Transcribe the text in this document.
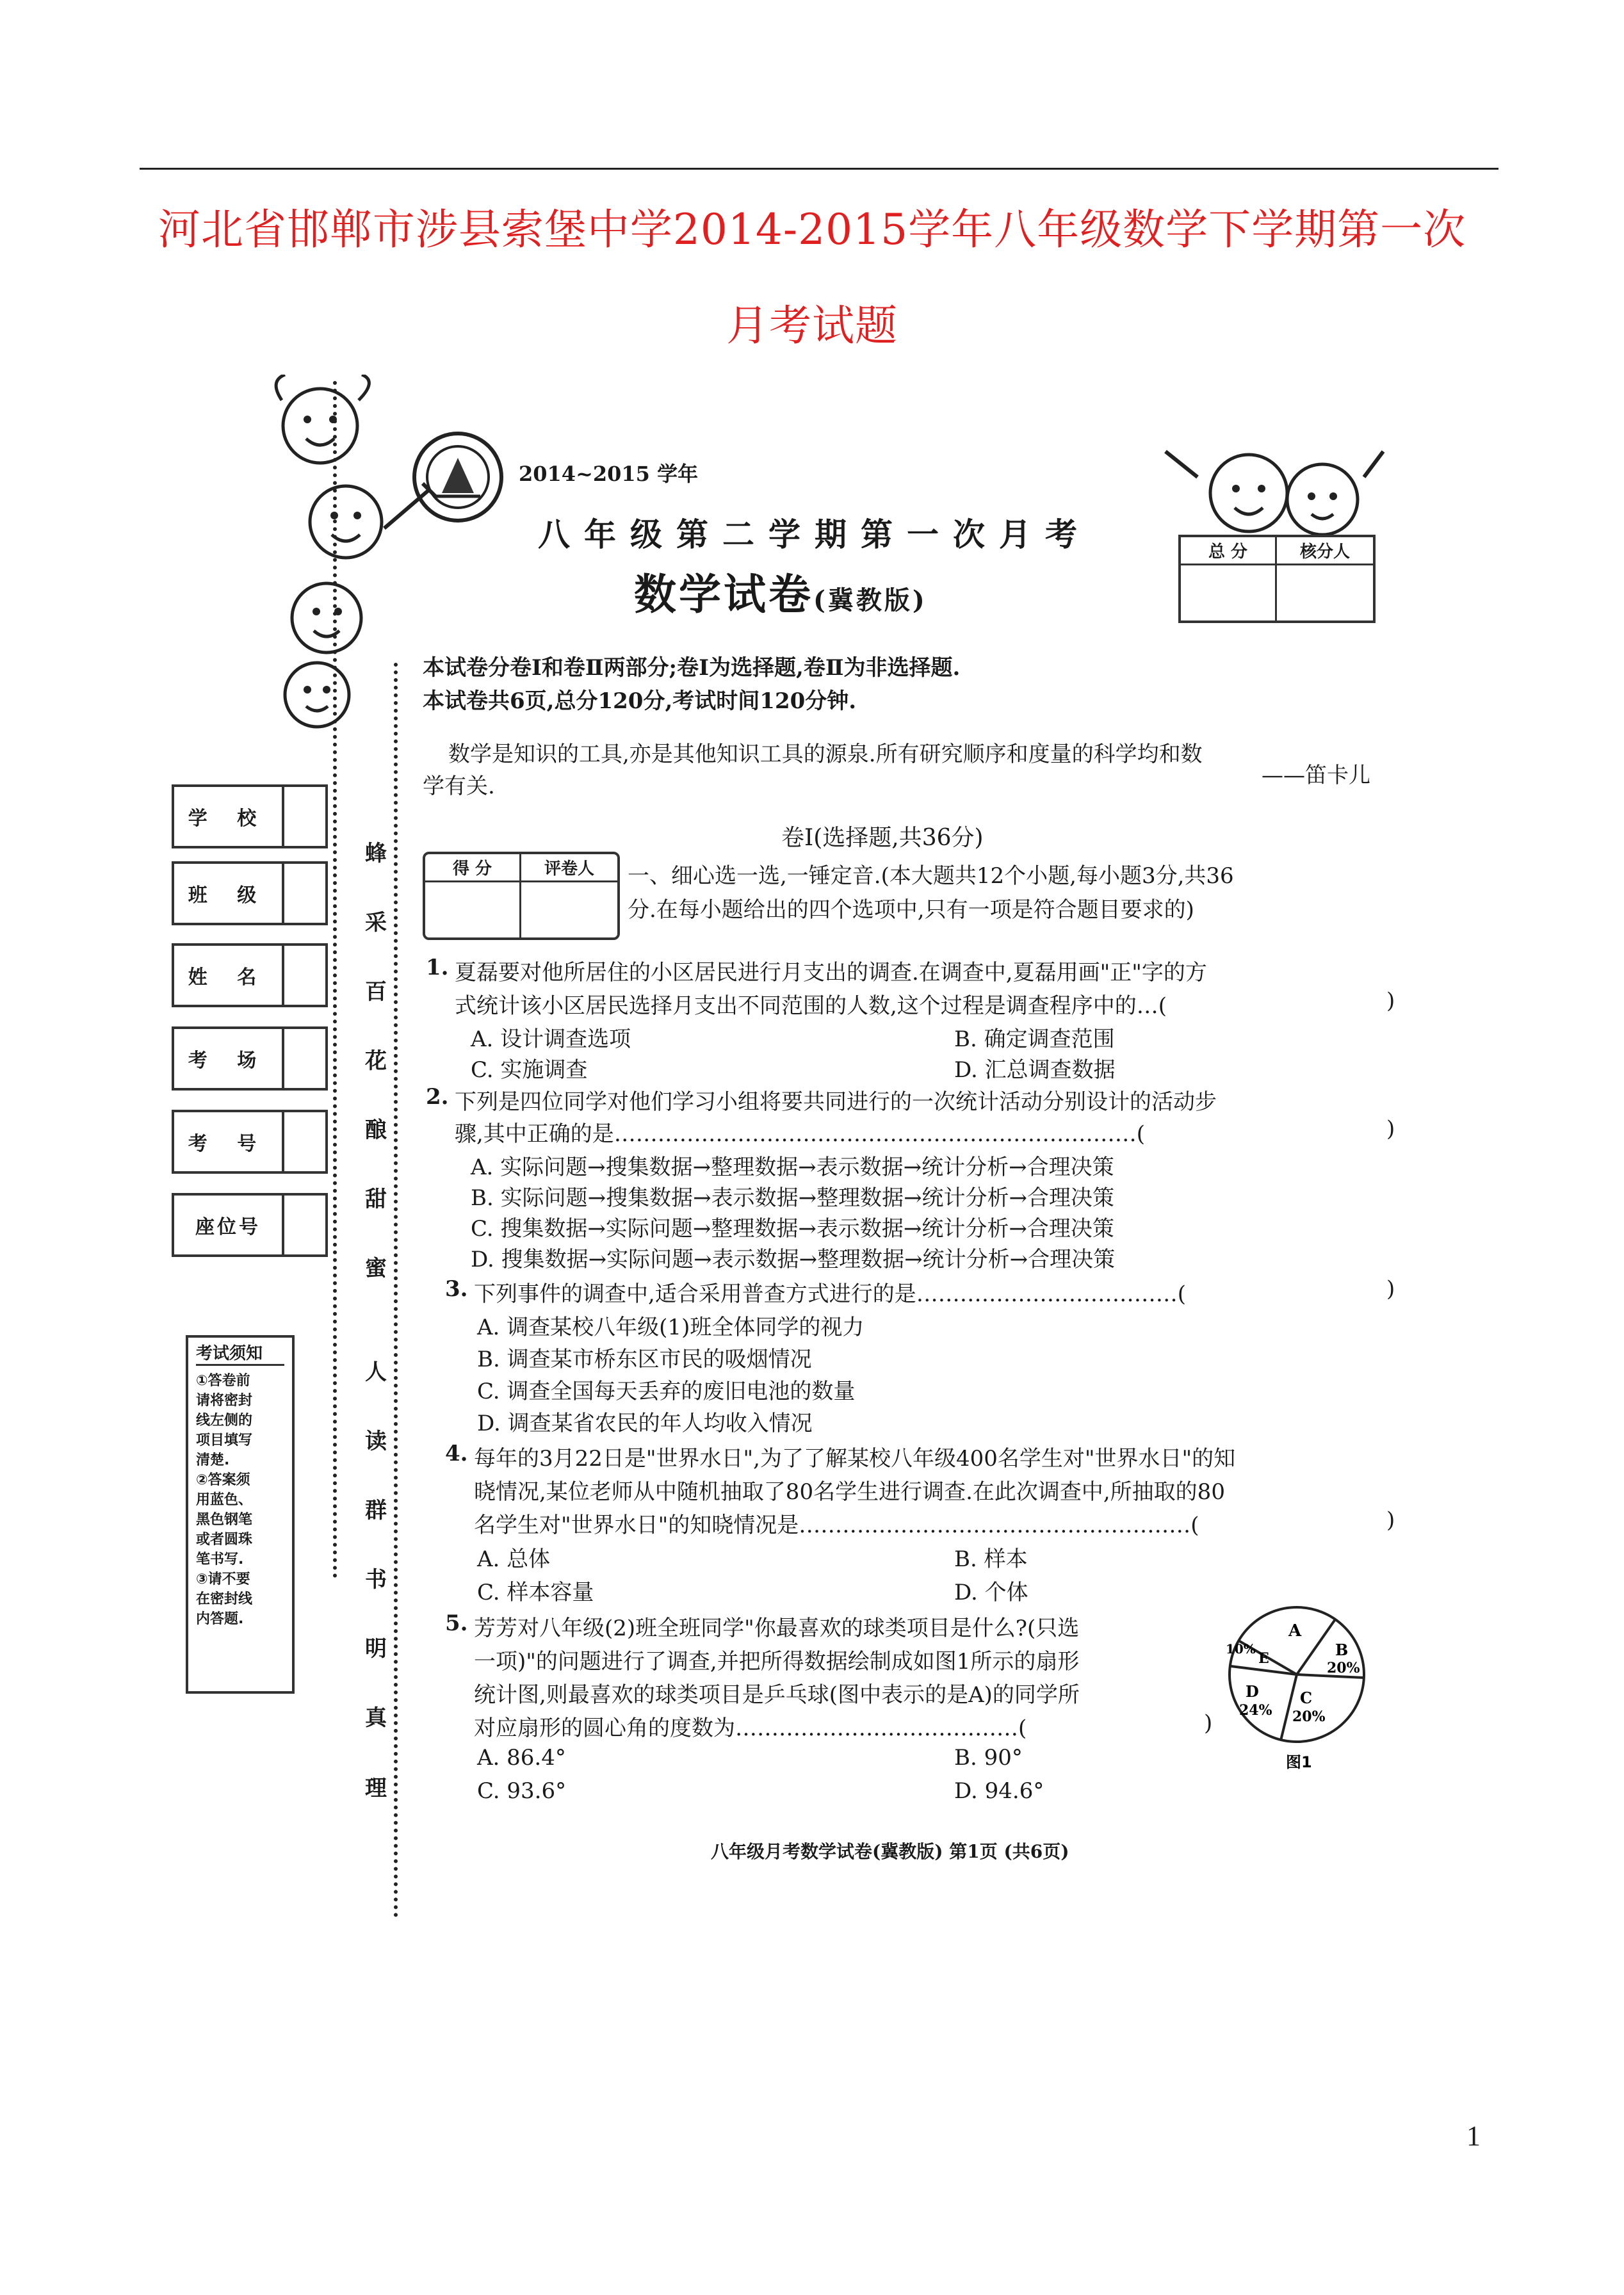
河北省邯郸市涉县索堡中学2014-2015学年八年级数学下学期第一次
月考试题
学 校
班 级
姓 名
考 场
考 号
座位号
考试须知
①答卷前
请将密封
线左侧的
项目填写
清楚.
②答案须
用蓝色、
黑色钢笔
或者圆珠
笔书写.
③请不要
在密封线
内答题.
蜂
采
百
花
酿
甜
蜜
人
读
群
书
明
真
理
2014~2015 学年
八年级第二学期第一次月考
数学试卷(冀教版)
总 分	核分人
本试卷分卷Ⅰ和卷Ⅱ两部分;卷Ⅰ为选择题,卷Ⅱ为非选择题.
本试卷共6页,总分120分,考试时间120分钟.
数学是知识的工具,亦是其他知识工具的源泉.所有研究顺序和度量的科学均和数
学有关.	——笛卡儿
卷Ⅰ(选择题,共36分)
得 分	评卷人	一、细心选一选,一锤定音.(本大题共12个小题,每小题3分,共36
分.在每小题给出的四个选项中,只有一项是符合题目要求的)
1. 夏磊要对他所居住的小区居民进行月支出的调查.在调查中,夏磊用画"正"字的方
式统计该小区居民选择月支出不同范围的人数,这个过程是调查程序中的…(	)
A. 设计调查选项	B. 确定调查范围
C. 实施调查	D. 汇总调查数据
2. 下列是四位同学对他们学习小组将要共同进行的一次统计活动分别设计的活动步
骤,其中正确的是………………………………………………………………(	)
A. 实际问题→搜集数据→整理数据→表示数据→统计分析→合理决策
B. 实际问题→搜集数据→表示数据→整理数据→统计分析→合理决策
C. 搜集数据→实际问题→整理数据→表示数据→统计分析→合理决策
D. 搜集数据→实际问题→表示数据→整理数据→统计分析→合理决策
3. 下列事件的调查中,适合采用普查方式进行的是………………………………(	)
A. 调查某校八年级(1)班全体同学的视力
B. 调查某市桥东区市民的吸烟情况
C. 调查全国每天丢弃的废旧电池的数量
D. 调查某省农民的年人均收入情况
4. 每年的3月22日是"世界水日",为了了解某校八年级400名学生对"世界水日"的知
晓情况,某位老师从中随机抽取了80名学生进行调查.在此次调查中,所抽取的80
名学生对"世界水日"的知晓情况是………………………………………………(	)
A. 总体	B. 样本
C. 样本容量	D. 个体
5. 芳芳对八年级(2)班全班同学"你最喜欢的球类项目是什么?(只选
一项)"的问题进行了调查,并把所得数据绘制成如图1所示的扇形
统计图,则最喜欢的球类项目是乒乓球(图中表示的是A)的同学所
对应扇形的圆心角的度数为…………………………………(	)
A. 86.4°	B. 90°
C. 93.6°	D. 94.6°
A
B
20%
C
20%
D
24%
E
10%
图1
八年级月考数学试卷(冀教版) 第1页 (共6页)
1
